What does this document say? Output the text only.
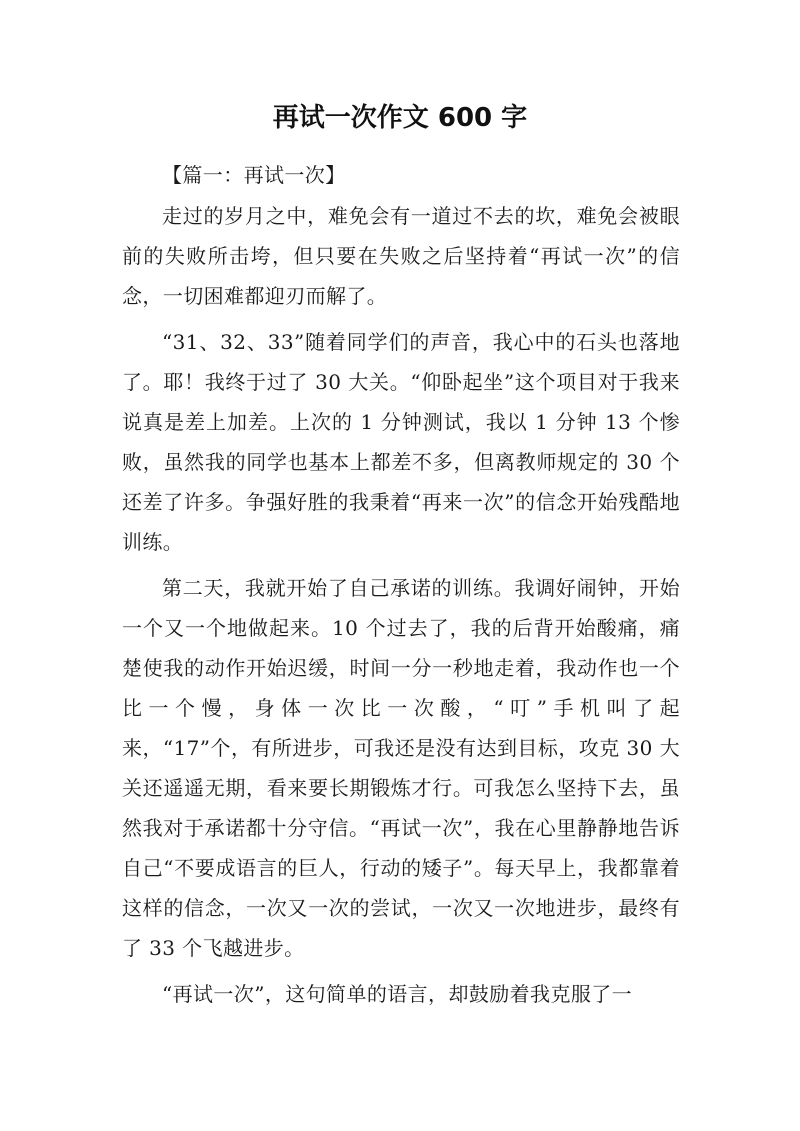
再试一次作文 600 字
【篇一：再试一次】

走过的岁月之中，难免会有一道过不去的坎，难免会被眼前的失败所击垮，但只要在失败之后坚持着“再试一次”的信念，一切困难都迎刃而解了。

“31、32、33”随着同学们的声音，我心中的石头也落地了。耶！我终于过了 30 大关。“仰卧起坐”这个项目对于我来说真是差上加差。上次的 1 分钟测试，我以 1 分钟 13 个惨败，虽然我的同学也基本上都差不多，但离教师规定的 30 个还差了许多。争强好胜的我秉着“再来一次”的信念开始残酷地训练。

第二天，我就开始了自己承诺的训练。我调好闹钟，开始一个又一个地做起来。10 个过去了，我的后背开始酸痛，痛楚使我的动作开始迟缓，时间一分一秒地走着，我动作也一个比一个慢，身体一次比一次酸，“叮”手机叫了起来，“17”个，有所进步，可我还是没有达到目标，攻克 30 大关还遥遥无期，看来要长期锻炼才行。可我怎么坚持下去，虽然我对于承诺都十分守信。“再试一次”，我在心里静静地告诉自己“不要成语言的巨人，行动的矮子”。每天早上，我都靠着这样的信念，一次又一次的尝试，一次又一次地进步，最终有了 33 个飞越进步。

“再试一次”，这句简单的语言，却鼓励着我克服了一
